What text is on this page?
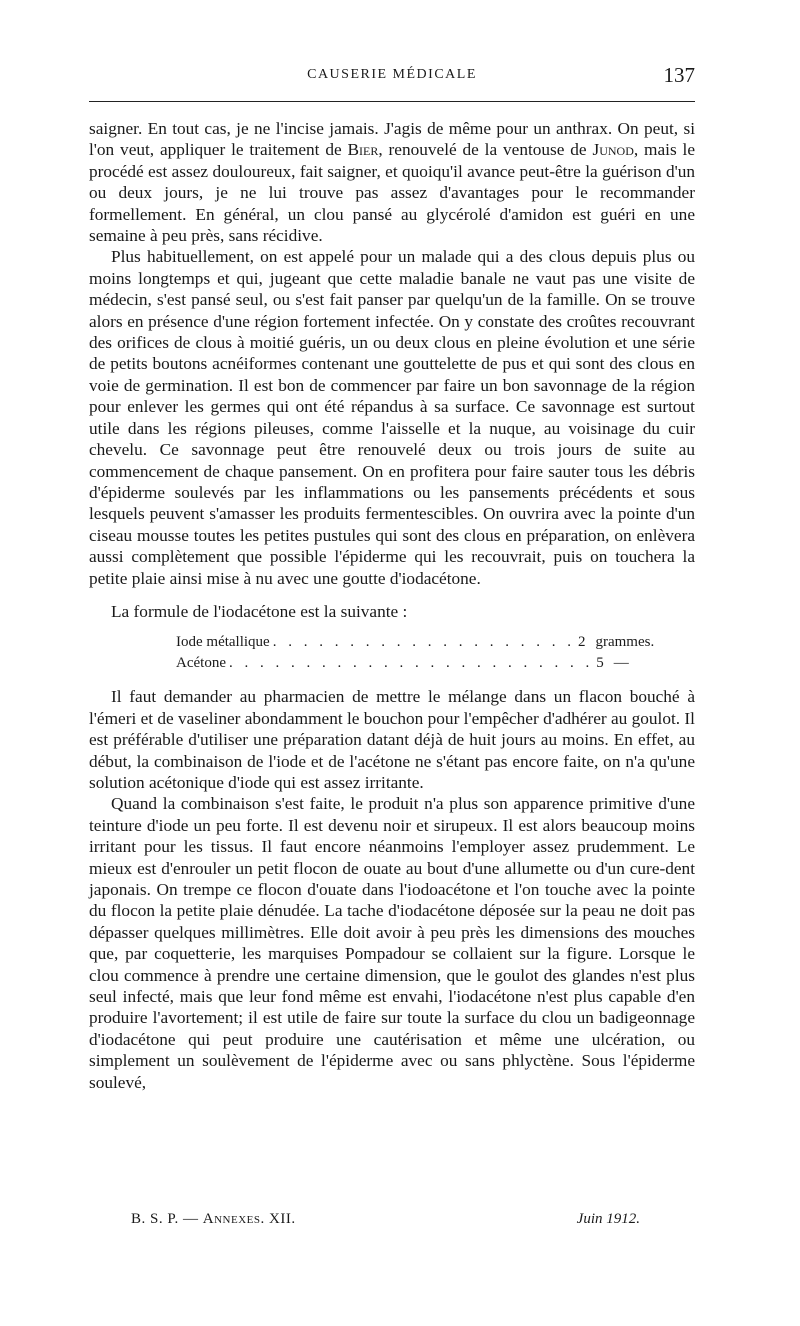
CAUSERIE MÉDICALE	137

saigner. En tout cas, je ne l'incise jamais. J'agis de même pour un anthrax. On peut, si l'on veut, appliquer le traitement de Bier, renouvelé de la ventouse de Junod, mais le procédé est assez douloureux, fait saigner, et quoiqu'il avance peut-être la guérison d'un ou deux jours, je ne lui trouve pas assez d'avantages pour le recommander formellement. En général, un clou pansé au glycérolé d'amidon est guéri en une semaine à peu près, sans récidive.

Plus habituellement, on est appelé pour un malade qui a des clous depuis plus ou moins longtemps et qui, jugeant que cette maladie banale ne vaut pas une visite de médecin, s'est pansé seul, ou s'est fait panser par quelqu'un de la famille. On se trouve alors en présence d'une région fortement infectée. On y constate des croûtes recouvrant des orifices de clous à moitié guéris, un ou deux clous en pleine évolution et une série de petits boutons acnéiformes contenant une gouttelette de pus et qui sont des clous en voie de germination. Il est bon de commencer par faire un bon savonnage de la région pour enlever les germes qui ont été répandus à sa surface. Ce savonnage est surtout utile dans les régions pileuses, comme l'aisselle et la nuque, au voisinage du cuir chevelu. Ce savonnage peut être renouvelé deux ou trois jours de suite au commencement de chaque pansement. On en profitera pour faire sauter tous les débris d'épiderme soulevés par les inflammations ou les pansements précédents et sous lesquels peuvent s'amasser les produits fermentescibles. On ouvrira avec la pointe d'un ciseau mousse toutes les petites pustules qui sont des clous en préparation, on enlèvera aussi complètement que possible l'épiderme qui les recouvrait, puis on touchera la petite plaie ainsi mise à nu avec une goutte d'iodacétone.

La formule de l'iodacétone est la suivante :

Iode métallique . . . . . . . . . . . . . . . . . . . . 2 grammes.
Acétone . . . . . . . . . . . . . . . . . . . . . . . . 5 —

Il faut demander au pharmacien de mettre le mélange dans un flacon bouché à l'émeri et de vaseliner abondamment le bouchon pour l'empêcher d'adhérer au goulot. Il est préférable d'utiliser une préparation datant déjà de huit jours au moins. En effet, au début, la combinaison de l'iode et de l'acétone ne s'étant pas encore faite, on n'a qu'une solution acétonique d'iode qui est assez irritante.

Quand la combinaison s'est faite, le produit n'a plus son apparence primitive d'une teinture d'iode un peu forte. Il est devenu noir et sirupeux. Il est alors beaucoup moins irritant pour les tissus. Il faut encore néanmoins l'employer assez prudemment. Le mieux est d'enrouler un petit flocon de ouate au bout d'une allumette ou d'un cure-dent japonais. On trempe ce flocon d'ouate dans l'iodoacétone et l'on touche avec la pointe du flocon la petite plaie dénudée. La tache d'iodacétone déposée sur la peau ne doit pas dépasser quelques millimètres. Elle doit avoir à peu près les dimensions des mouches que, par coquetterie, les marquises Pompadour se collaient sur la figure. Lorsque le clou commence à prendre une certaine dimension, que le goulot des glandes n'est plus seul infecté, mais que leur fond même est envahi, l'iodacétone n'est plus capable d'en produire l'avortement; il est utile de faire sur toute la surface du clou un badigeonnage d'iodacétone qui peut produire une cautérisation et même une ulcération, ou simplement un soulèvement de l'épiderme avec ou sans phlyctène. Sous l'épiderme soulevé,

B. S. P. — Annexes. XII.	Juin 1912.
